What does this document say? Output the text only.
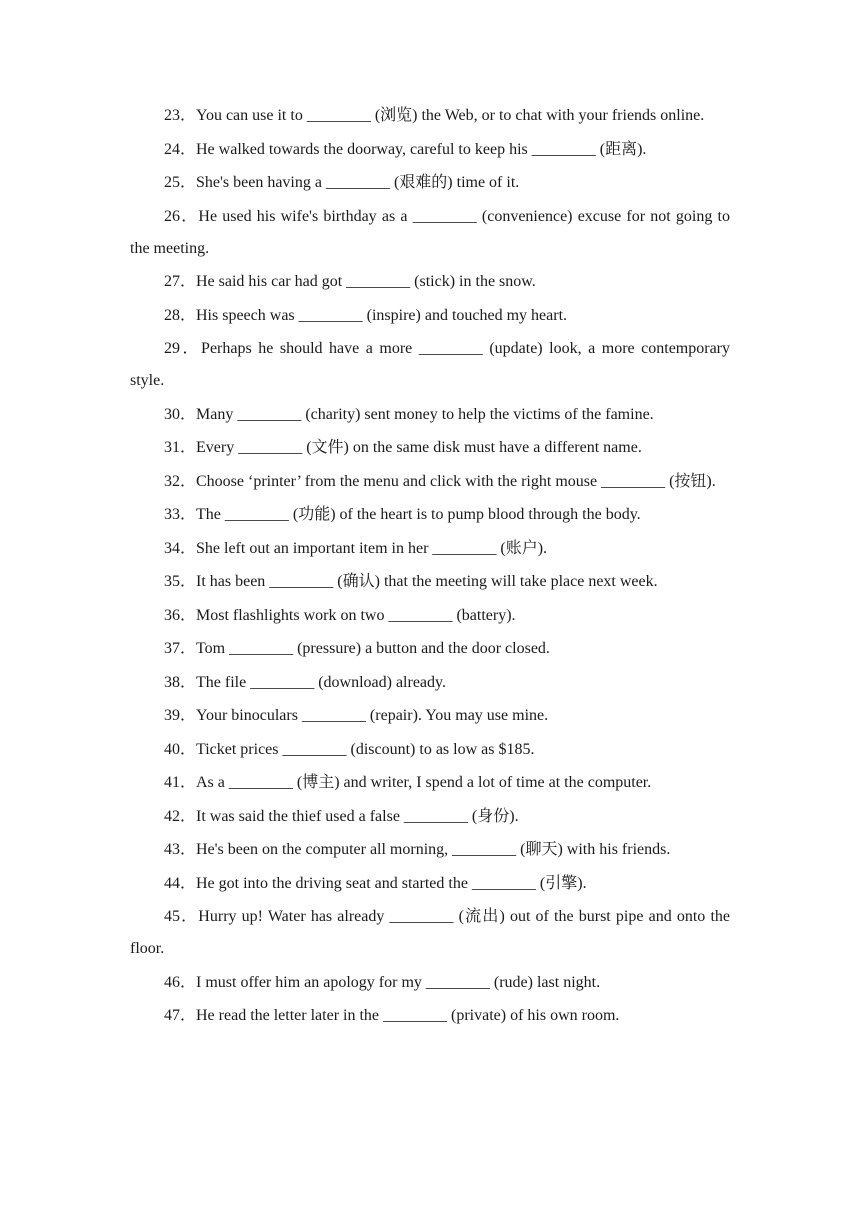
23．You can use it to ________ (浏览) the Web, or to chat with your friends online.

24．He walked towards the doorway, careful to keep his ________ (距离).

25．She's been having a ________ (艰难的) time of it.

26．He used his wife's birthday as a ________ (convenience) excuse for not going to the meeting.

27．He said his car had got ________ (stick) in the snow.

28．His speech was ________ (inspire) and touched my heart.

29．Perhaps he should have a more ________ (update) look, a more contemporary style.

30．Many ________ (charity) sent money to help the victims of the famine.

31．Every ________ (文件) on the same disk must have a different name.

32．Choose ‘printer’ from the menu and click with the right mouse ________ (按钮).

33．The ________ (功能) of the heart is to pump blood through the body.

34．She left out an important item in her ________ (账户).

35．It has been ________ (确认) that the meeting will take place next week.

36．Most flashlights work on two ________ (battery).

37．Tom ________ (pressure) a button and the door closed.

38．The file ________ (download) already.

39．Your binoculars ________ (repair). You may use mine.

40．Ticket prices ________ (discount) to as low as $185.

41．As a ________ (博主) and writer, I spend a lot of time at the computer.

42．It was said the thief used a false ________ (身份).

43．He's been on the computer all morning, ________ (聊天) with his friends.

44．He got into the driving seat and started the ________ (引擎).

45．Hurry up! Water has already ________ (流出) out of the burst pipe and onto the floor.

46．I must offer him an apology for my ________ (rude) last night.

47．He read the letter later in the ________ (private) of his own room.
